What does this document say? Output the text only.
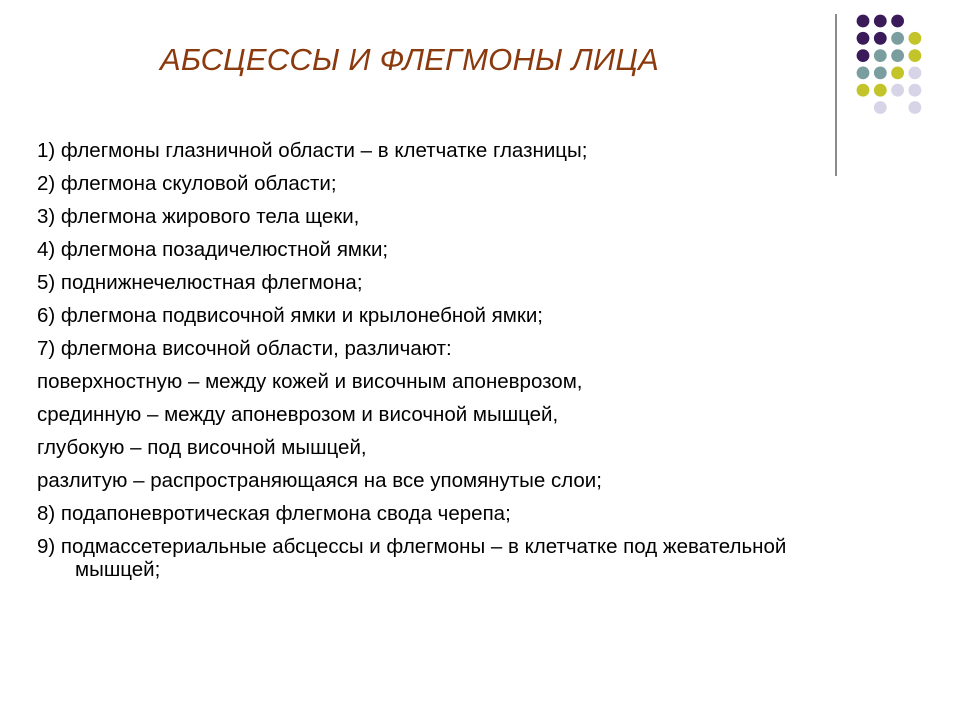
АБСЦЕССЫ И ФЛЕГМОНЫ ЛИЦА
1) флегмоны глазничной области – в клетчатке глазницы;
2) флегмона скуловой области;
3) флегмона жирового тела щеки,
4) флегмона позадичелюстной ямки;
5) поднижнечелюстная флегмона;
6) флегмона подвисочной ямки и крылонебной ямки;
7) флегмона височной области, различают:
поверхностную – между кожей и височным апоневрозом,
срединную – между апоневрозом и височной мышцей,
глубокую – под височной мышцей,
разлитую – распространяющаяся на все упомянутые слои;
8) подапоневротическая флегмона свода черепа;
9) подмассетериальные абсцессы и флегмоны – в клетчатке под жевательной мышцей;
